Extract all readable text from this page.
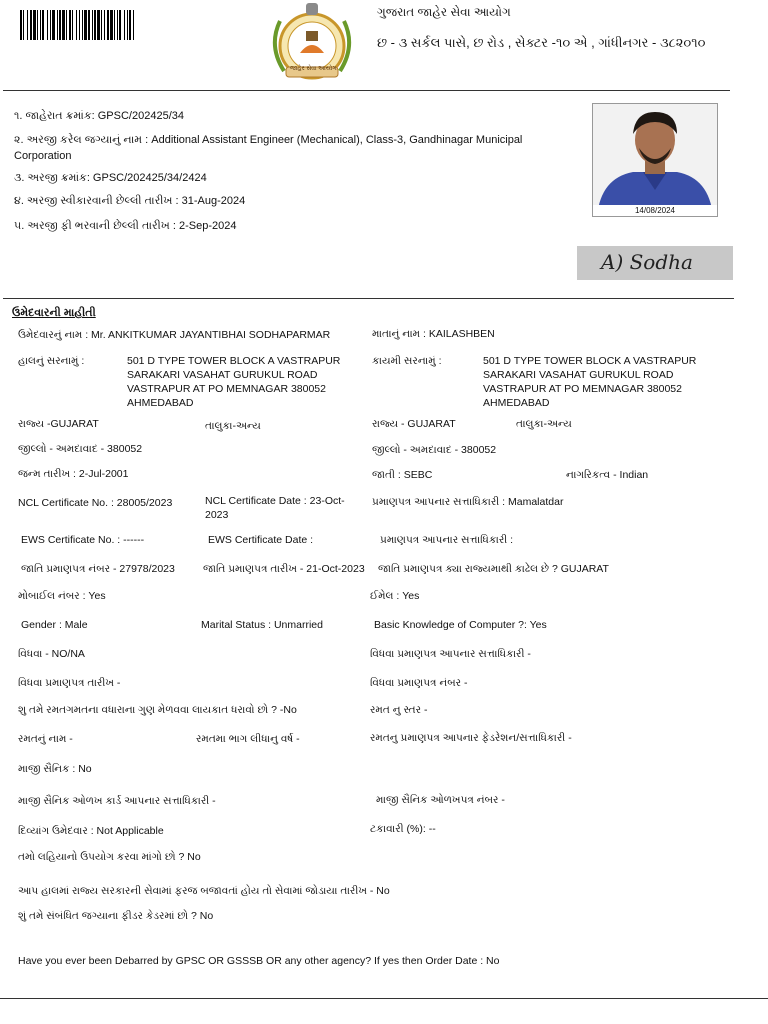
જાહેર સેવા આયોગ
ગુજરાત જાહેર સેવા આયોગ
છ - ૩ સર્કલ પાસે, છ રોડ , સેક્ટર -૧૦ એ , ગાંધીનગર - ૩૮૨૦૧૦
૧. જાહેરાત ક્રમાંક: GPSC/202425/34
૨. અરજી કરેલ જગ્યાનું નામ : Additional Assistant Engineer (Mechanical), Class-3, Gandhinagar Municipal
Corporation
૩. અરજી ક્રમાંક: GPSC/202425/34/2424
૪. અરજી સ્વીકારવાની છેલ્લી તારીખ : 31-Aug-2024
૫. અરજી ફી ભરવાની છેલ્લી તારીખ : 2-Sep-2024
14/08/2024
A) Sodha
ઉમેદવારની માહીતી
ઉમેદવારનું નામ : Mr. ANKITKUMAR JAYANTIBHAI SODHAPARMAR	માતાનું નામ : KAILASHBEN
હાલનું સરનામું :	501 D TYPE TOWER BLOCK A VASTRAPUR
SARAKARI VASAHAT GURUKUL ROAD
VASTRAPUR AT PO MEMNAGAR 380052
AHMEDABAD
કાયમી સરનામું :	501 D TYPE TOWER BLOCK A VASTRAPUR
SARAKARI VASAHAT GURUKUL ROAD
VASTRAPUR AT PO MEMNAGAR 380052
AHMEDABAD
રાજ્ય -GUJARAT	તાલુકા-અન્ય	રાજ્ય - GUJARAT	તાલુકા-અન્ય
જીલ્લો - અમદાવાદ - 380052	જીલ્લો - અમદાવાદ - 380052
જન્મ તારીખ : 2-Jul-2001	જાતી : SEBC	નાગરિકત્વ - Indian
NCL Certificate No. : 28005/2023	NCL Certificate Date : 23-Oct-
2023
પ્રમાણપત્ર આપનાર સત્તાધિકારી : Mamalatdar
EWS Certificate No. : ------	EWS Certificate Date :	પ્રમાણપત્ર આપનાર સત્તાધિકારી :
જાતિ પ્રમાણપત્ર નંબર - 27978/2023	જાતિ પ્રમાણપત્ર તારીખ - 21-Oct-2023 જાતિ પ્રમાણપત્ર ક્યા રાજ્યમાથી કાઢેલ છે ? GUJARAT
મોબાઈલ નંબર : Yes	ઈમેલ : Yes
Gender : Male	Marital Status : Unmarried	Basic Knowledge of Computer ?: Yes
વિધવા - NO/NA	વિધવા પ્રમાણપત્ર આપનાર સત્તાધિકારી -
વિધવા પ્રમાણપત્ર તારીખ -	વિધવા પ્રમાણપત્ર નંબર -
શુ તમે રમતગમતના વધારાના ગુણ મેળવવા લાયકાત ધરાવો છો ? -No	રમત નુ સ્તર -
રમતનું નામ -	રમતમા ભાગ લીધાનુ વર્ષ -	રમતનુ પ્રમાણપત્ર આપનાર ફેડરેશન/સત્તાધિકારી -
માજી સૈનિક : No
માજી સૈનિક ઓળખ કાર્ડ આપનાર સત્તાધિકારી -	માજી સૈનિક ઓળખપત્ર નંબર -
દિવ્યાંગ ઉમેદવાર : Not Applicable	ટકાવારી (%): --
તમો લહિયાનો ઉપયોગ કરવા માંગો છો ? No
આપ હાલમાં રાજ્ય સરકારની સેવામાં ફરજ બજાવતાં હોય તો સેવામાં જોડાયા તારીખ - No
શું તમે સંબંધિત જગ્યાના ફીડર કેડરમાં છો ? No
Have you ever been Debarred by GPSC OR GSSSB OR any other agency? If yes then Order Date : No
